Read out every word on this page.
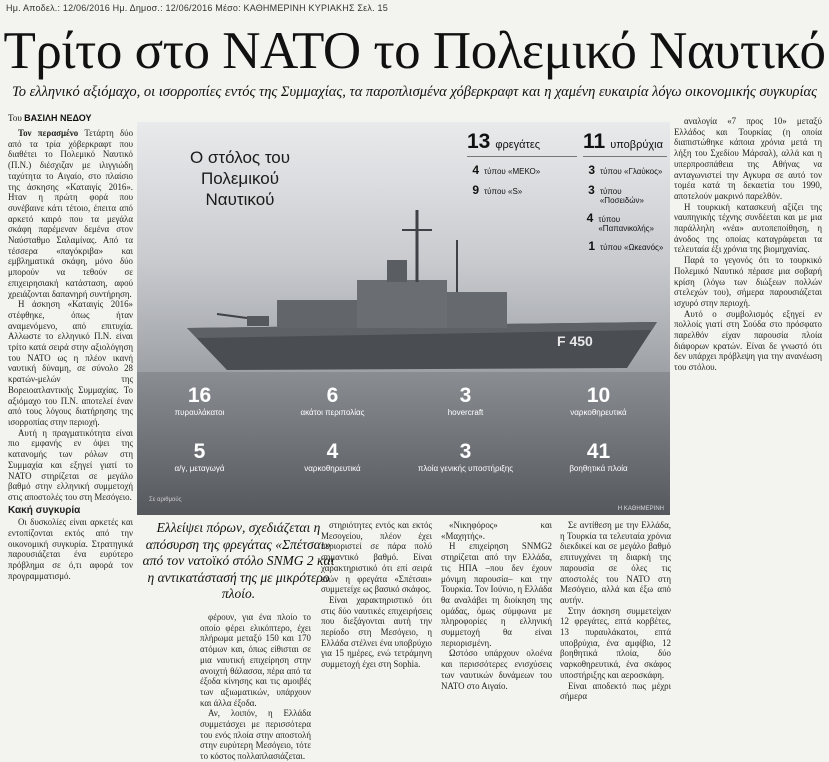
Ημ. Αποδελ.: 12/06/2016 Ημ. Δημοσ.: 12/06/2016 Μέσο: ΚΑΘΗΜΕΡΙΝΗ ΚΥΡΙΑΚΗΣ Σελ. 15
Τρίτο στο ΝΑΤΟ το Πολεμικό Ναυτικό

Το ελληνικό αξιόμαχο, οι ισορροπίες εντός της Συμμαχίας, τα παροπλισμένα χόβερκραφτ και η χαμένη ευκαιρία λόγω οικονομικής συγκυρίας

Του ΒΑΣΙΛΗ ΝΕΔΟΥ

Τον περασμένο Τετάρτη δύο από τα τρία χόβερκραφτ που διαθέτει το Πολεμικό Ναυτικό (Π.Ν.) διέσχιζαν με ιλιγγιώδη ταχύτητα το Αιγαίο, στο πλαίσιο της άσκησης «Καταιγίς 2016». Ηταν η πρώτη φορά που συνέβαινε κάτι τέτοιο, έπειτα από αρκετό καιρό που τα μεγάλα σκάφη παρέμεναν δεμένα στον Ναύσταθμο Σαλαμίνας. Από τα τέσσερα «παγόκριβα» και εμβληματικά σκάφη, μόνο δύο μπορούν να τεθούν σε επιχειρησιακή κατάσταση, αφού χρειάζονται δαπανηρή συντήρηση.

Η άσκηση «Καταιγίς 2016» στέφθηκε, όπως ήταν αναμενόμενο, από επιτυχία. Αλλωστε το ελληνικό Π.Ν. είναι τρίτο κατά σειρά στην αξιολόγηση του ΝΑΤΟ ως η πλέον ικανή ναυτική δύναμη, σε σύνολο 28 κρατών-μελών της Βορειοατλαντικής Συμμαχίας. Το αξιόμαχο του Π.Ν. αποτελεί έναν από τους λόγους διατήρησης της ισορροπίας στην περιοχή.

Αυτή η πραγματικότητα είναι πιο εμφανής εν όψει της κατανομής των ρόλων στη Συμμαχία και εξηγεί γιατί το ΝΑΤΟ στηρίζεται σε μεγάλο βαθμό στην ελληνική συμμετοχή στις αποστολές του στη Μεσόγειο.

Κακή συγκυρία

Οι δυσκολίες είναι αρκετές και εντοπίζονται εκτός από την οικονομική συγκυρία. Στρατηγικά παρουσιάζεται ένα ευρύτερο πρόβλημα σε ό,τι αφορά τον προγραμματισμό.

F 450
Ο στόλος του Πολεμικού Ναυτικού
13 φρεγάτες
4 τύπου «ΜΕΚΟ»
9 τύπου «S»
11 υποβρύχια
3 τύπου «Γλαύκος»
3 τύπου «Ποσειδών»
4 τύπου «Παπανικολής»
1 τύπου «Ωκεανός»
16
πυραυλάκατοι
6
ακάτοι περιπολίας
3
hovercraft
10
ναρκοθηρευτικά
5
α/γ, μεταγωγά
4
ναρκοθηρευτικά
3
πλοία γενικής υποστήριξης
41
βοηθητικά πλοία
Σε αριθμούς
Η ΚΑΘΗΜΕΡΙΝΗ

Ελλείψει πόρων, σχεδιάζεται η απόσυρση της φρεγάτας «Σπέτσαι» από τον νατοϊκό στόλο SNMG 2 και η αντικατάστασή της με μικρότερο πλοίο.

φέρουν, για ένα πλοίο το οποίο φέρει ελικόπτερο, έχει πλήρωμα μεταξύ 150 και 170 ατόμων και, όπως είθισται σε μια ναυτική επιχείρηση στην ανοιχτή θάλασσα, πέρα από τα έξοδα κίνησης και τις αμοιβές των αξιωματικών, υπάρχουν και άλλα έξοδα.

Αν, λοιπόν, η Ελλάδα συμμετάσχει με περισσότερα του ενός πλοία στην αποστολή στην ευρύτερη Μεσόγειο, τότε το κόστος πολλαπλασιάζεται.

στηριότητες εντός και εκτός Μεσογείου, πλέον έχει περιοριστεί σε πάρα πολύ σημαντικό βαθμό. Είναι χαρακτηριστικό ότι επί σειρά ετών η φρεγάτα «Σπέτσαι» συμμετείχε ως βασικό σκάφος.

Είναι χαρακτηριστικό ότι στις δύο ναυτικές επιχειρήσεις που διεξάγονται αυτή την περίοδο στη Μεσόγειο, η Ελλάδα στέλνει ένα υποβρύχιο για 15 ημέρες, ενώ τετράμηνη συμμετοχή έχει στη Sophia.

«Νικηφόρος» και «Μαχητής».

Η επιχείρηση SNMG2 στηρίζεται από την Ελλάδα, τις ΗΠΑ –που δεν έχουν μόνιμη παρουσία– και την Τουρκία. Τον Ιούνιο, η Ελλάδα θα αναλάβει τη διοίκηση της ομάδας, όμως σύμφωνα με πληροφορίες η ελληνική συμμετοχή θα είναι περιορισμένη.

Ωστόσο υπάρχουν ολοένα και περισσότερες ενισχύσεις των ναυτικών δυνάμεων του ΝΑΤΟ στο Αιγαίο.

Σε αντίθεση με την Ελλάδα, η Τουρκία τα τελευταία χρόνια διεκδικεί και σε μεγάλο βαθμό επιτυγχάνει τη διαρκή της παρουσία σε όλες τις αποστολές του ΝΑΤΟ στη Μεσόγειο, αλλά και έξω από αυτήν.

Στην άσκηση συμμετείχαν 12 φρεγάτες, επτά κορβέτες, 13 πυραυλάκατοι, επτά υποβρύχια, ένα αμφίβιο, 12 βοηθητικά πλοία, δύο ναρκοθηρευτικά, ένα σκάφος υποστήριξης και αεροσκάφη.

Είναι αποδεκτό πως μέχρι σήμερα

αναλογία «7 προς 10» μεταξύ Ελλάδος και Τουρκίας (η οποία διαπιστώθηκε κάποια χρόνια μετά τη λήξη του Σχεδίου Μάρσαλ), αλλά και η υπερπροσπάθεια της Αθήνας να ανταγωνιστεί την Αγκυρα σε αυτό τον τομέα κατά τη δεκαετία του 1990, αποτελούν μακρινό παρελθόν.

Η τουρκική κατασκευή αξίζει της ναυπηγικής τέχνης συνδέεται και με μια παράλληλη «νέα» αυτοπεποίθηση, η άνοδος της οποίας καταγράφεται τα τελευταία έξι χρόνια της βιομηχανίας.

Παρά το γεγονός ότι το τουρκικό Πολεμικό Ναυτικό πέρασε μια σοβαρή κρίση (λόγω των διώξεων πολλών στελεχών του), σήμερα παρουσιάζεται ισχυρό στην περιοχή.

Αυτό ο συμβολισμός εξηγεί εν πολλοίς γιατί στη Σούδα στο πρόσφατο παρελθόν είχαν παρουσία πλοία διάφορων κρατών. Είναι δε γνωστό ότι δεν υπάρχει πρόβλεψη για την ανανέωση του στόλου.
